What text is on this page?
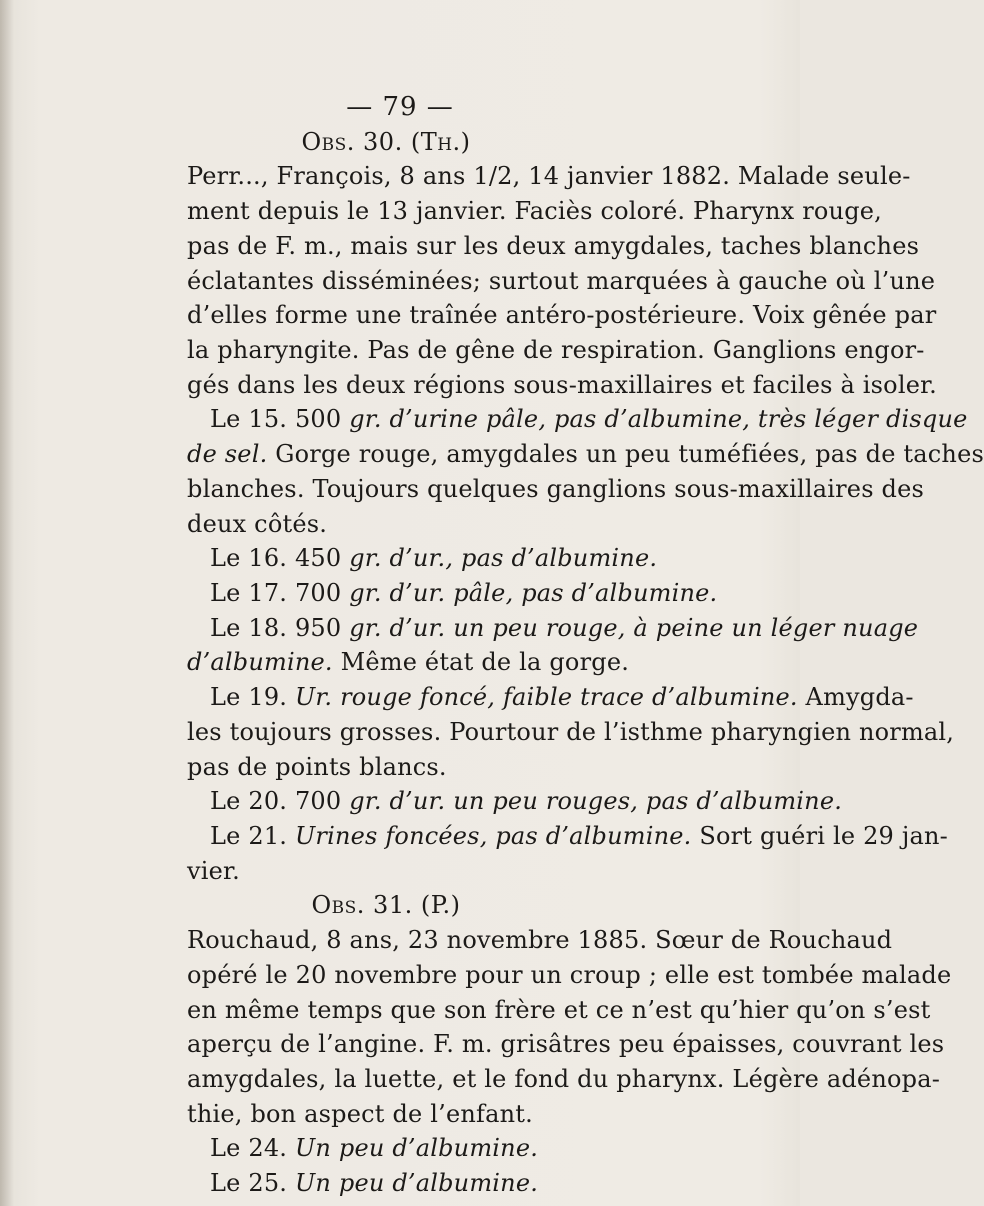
— 79 —
Obs. 30. (Th.)
Perr..., François, 8 ans 1/2, 14 janvier 1882. Malade seule-
ment depuis le 13 janvier. Faciès coloré. Pharynx rouge,
pas de F. m., mais sur les deux amygdales, taches blanches
éclatantes disséminées; surtout marquées à gauche où l’une
d’elles forme une traînée antéro-postérieure. Voix gênée par
la pharyngite. Pas de gêne de respiration. Ganglions engor-
gés dans les deux régions sous-maxillaires et faciles à isoler.
Le 15. 500 gr. d’urine pâle, pas d’albumine, très léger disque
de sel. Gorge rouge, amygdales un peu tuméfiées, pas de taches
blanches. Toujours quelques ganglions sous-maxillaires des
deux côtés.
Le 16. 450 gr. d’ur., pas d’albumine.
Le 17. 700 gr. d’ur. pâle, pas d’albumine.
Le 18. 950 gr. d’ur. un peu rouge, à peine un léger nuage
d’albumine. Même état de la gorge.
Le 19. Ur. rouge foncé, faible trace d’albumine. Amygda-
les toujours grosses. Pourtour de l’isthme pharyngien normal,
pas de points blancs.
Le 20. 700 gr. d’ur. un peu rouges, pas d’albumine.
Le 21. Urines foncées, pas d’albumine. Sort guéri le 29 jan-
vier.
Obs. 31. (P.)
Rouchaud, 8 ans, 23 novembre 1885. Sœur de Rouchaud
opéré le 20 novembre pour un croup ; elle est tombée malade
en même temps que son frère et ce n’est qu’hier qu’on s’est
aperçu de l’angine. F. m. grisâtres peu épaisses, couvrant les
amygdales, la luette, et le fond du pharynx. Légère adénopa-
thie, bon aspect de l’enfant.
Le 24. Un peu d’albumine.
Le 25. Un peu d’albumine.
